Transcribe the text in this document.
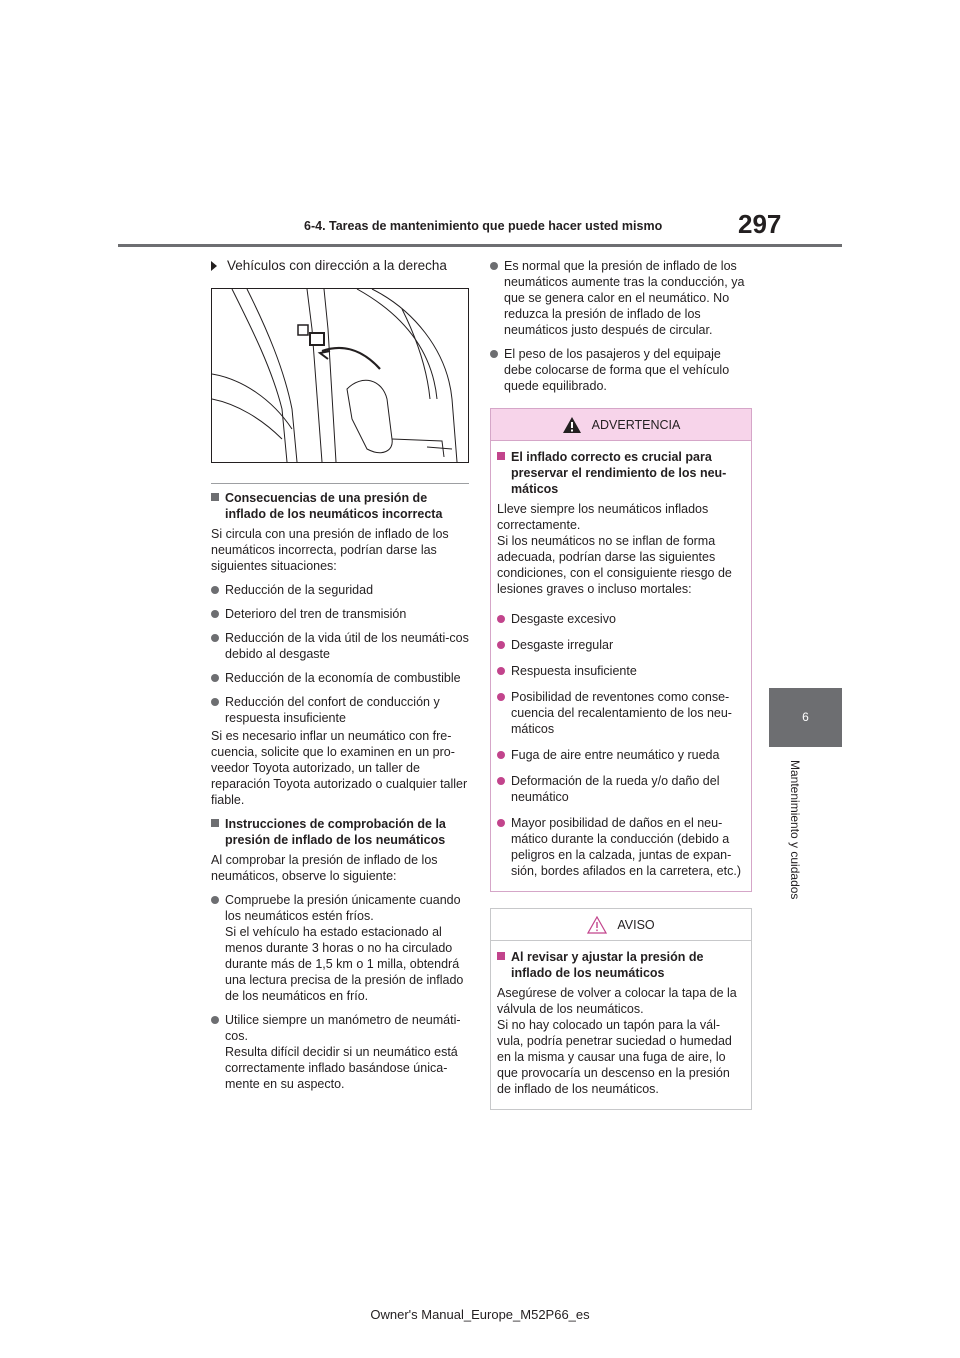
6-4. Tareas de mantenimiento que puede hacer usted mismo	297
6
Mantenimiento y cuidados
Vehículos con dirección a la derecha
Consecuencias de una presión de inflado de los neumáticos incorrecta
Si circula con una presión de inflado de los neumáticos incorrecta, podrían darse las siguientes situaciones:
Reducción de la seguridad
Deterioro del tren de transmisión
Reducción de la vida útil de los neumáti-cos debido al desgaste
Reducción de la economía de combustible
Reducción del confort de conducción y respuesta insuficiente
Si es necesario inflar un neumático con fre-cuencia, solicite que lo examinen en un pro-veedor Toyota autorizado, un taller de reparación Toyota autorizado o cualquier taller fiable.
Instrucciones de comprobación de la presión de inflado de los neumáticos
Al comprobar la presión de inflado de los neumáticos, observe lo siguiente:
Compruebe la presión únicamente cuando los neumáticos estén fríos.
Si el vehículo ha estado estacionado al menos durante 3 horas o no ha circulado durante más de 1,5 km o 1 milla, obtendrá una lectura precisa de la presión de inflado de los neumáticos en frío.
Utilice siempre un manómetro de neumáti-cos.
Resulta difícil decidir si un neumático está correctamente inflado basándose única-mente en su aspecto.
Es normal que la presión de inflado de los neumáticos aumente tras la conducción, ya que se genera calor en el neumático. No reduzca la presión de inflado de los neumáticos justo después de circular.
El peso de los pasajeros y del equipaje debe colocarse de forma que el vehículo quede equilibrado.
ADVERTENCIA
El inflado correcto es crucial para preservar el rendimiento de los neu-máticos
Lleve siempre los neumáticos inflados correctamente.
Si los neumáticos no se inflan de forma adecuada, podrían darse las siguientes condiciones, con el consiguiente riesgo de lesiones graves o incluso mortales:
Desgaste excesivo
Desgaste irregular
Respuesta insuficiente
Posibilidad de reventones como conse-cuencia del recalentamiento de los neu-máticos
Fuga de aire entre neumático y rueda
Deformación de la rueda y/o daño del neumático
Mayor posibilidad de daños en el neu-mático durante la conducción (debido a peligros en la calzada, juntas de expan-sión, bordes afilados en la carretera, etc.)
AVISO
Al revisar y ajustar la presión de inflado de los neumáticos
Asegúrese de volver a colocar la tapa de la válvula de los neumáticos.
Si no hay colocado un tapón para la vál-vula, podría penetrar suciedad o humedad en la misma y causar una fuga de aire, lo que provocaría un descenso en la presión de inflado de los neumáticos.
Owner's Manual_Europe_M52P66_es
